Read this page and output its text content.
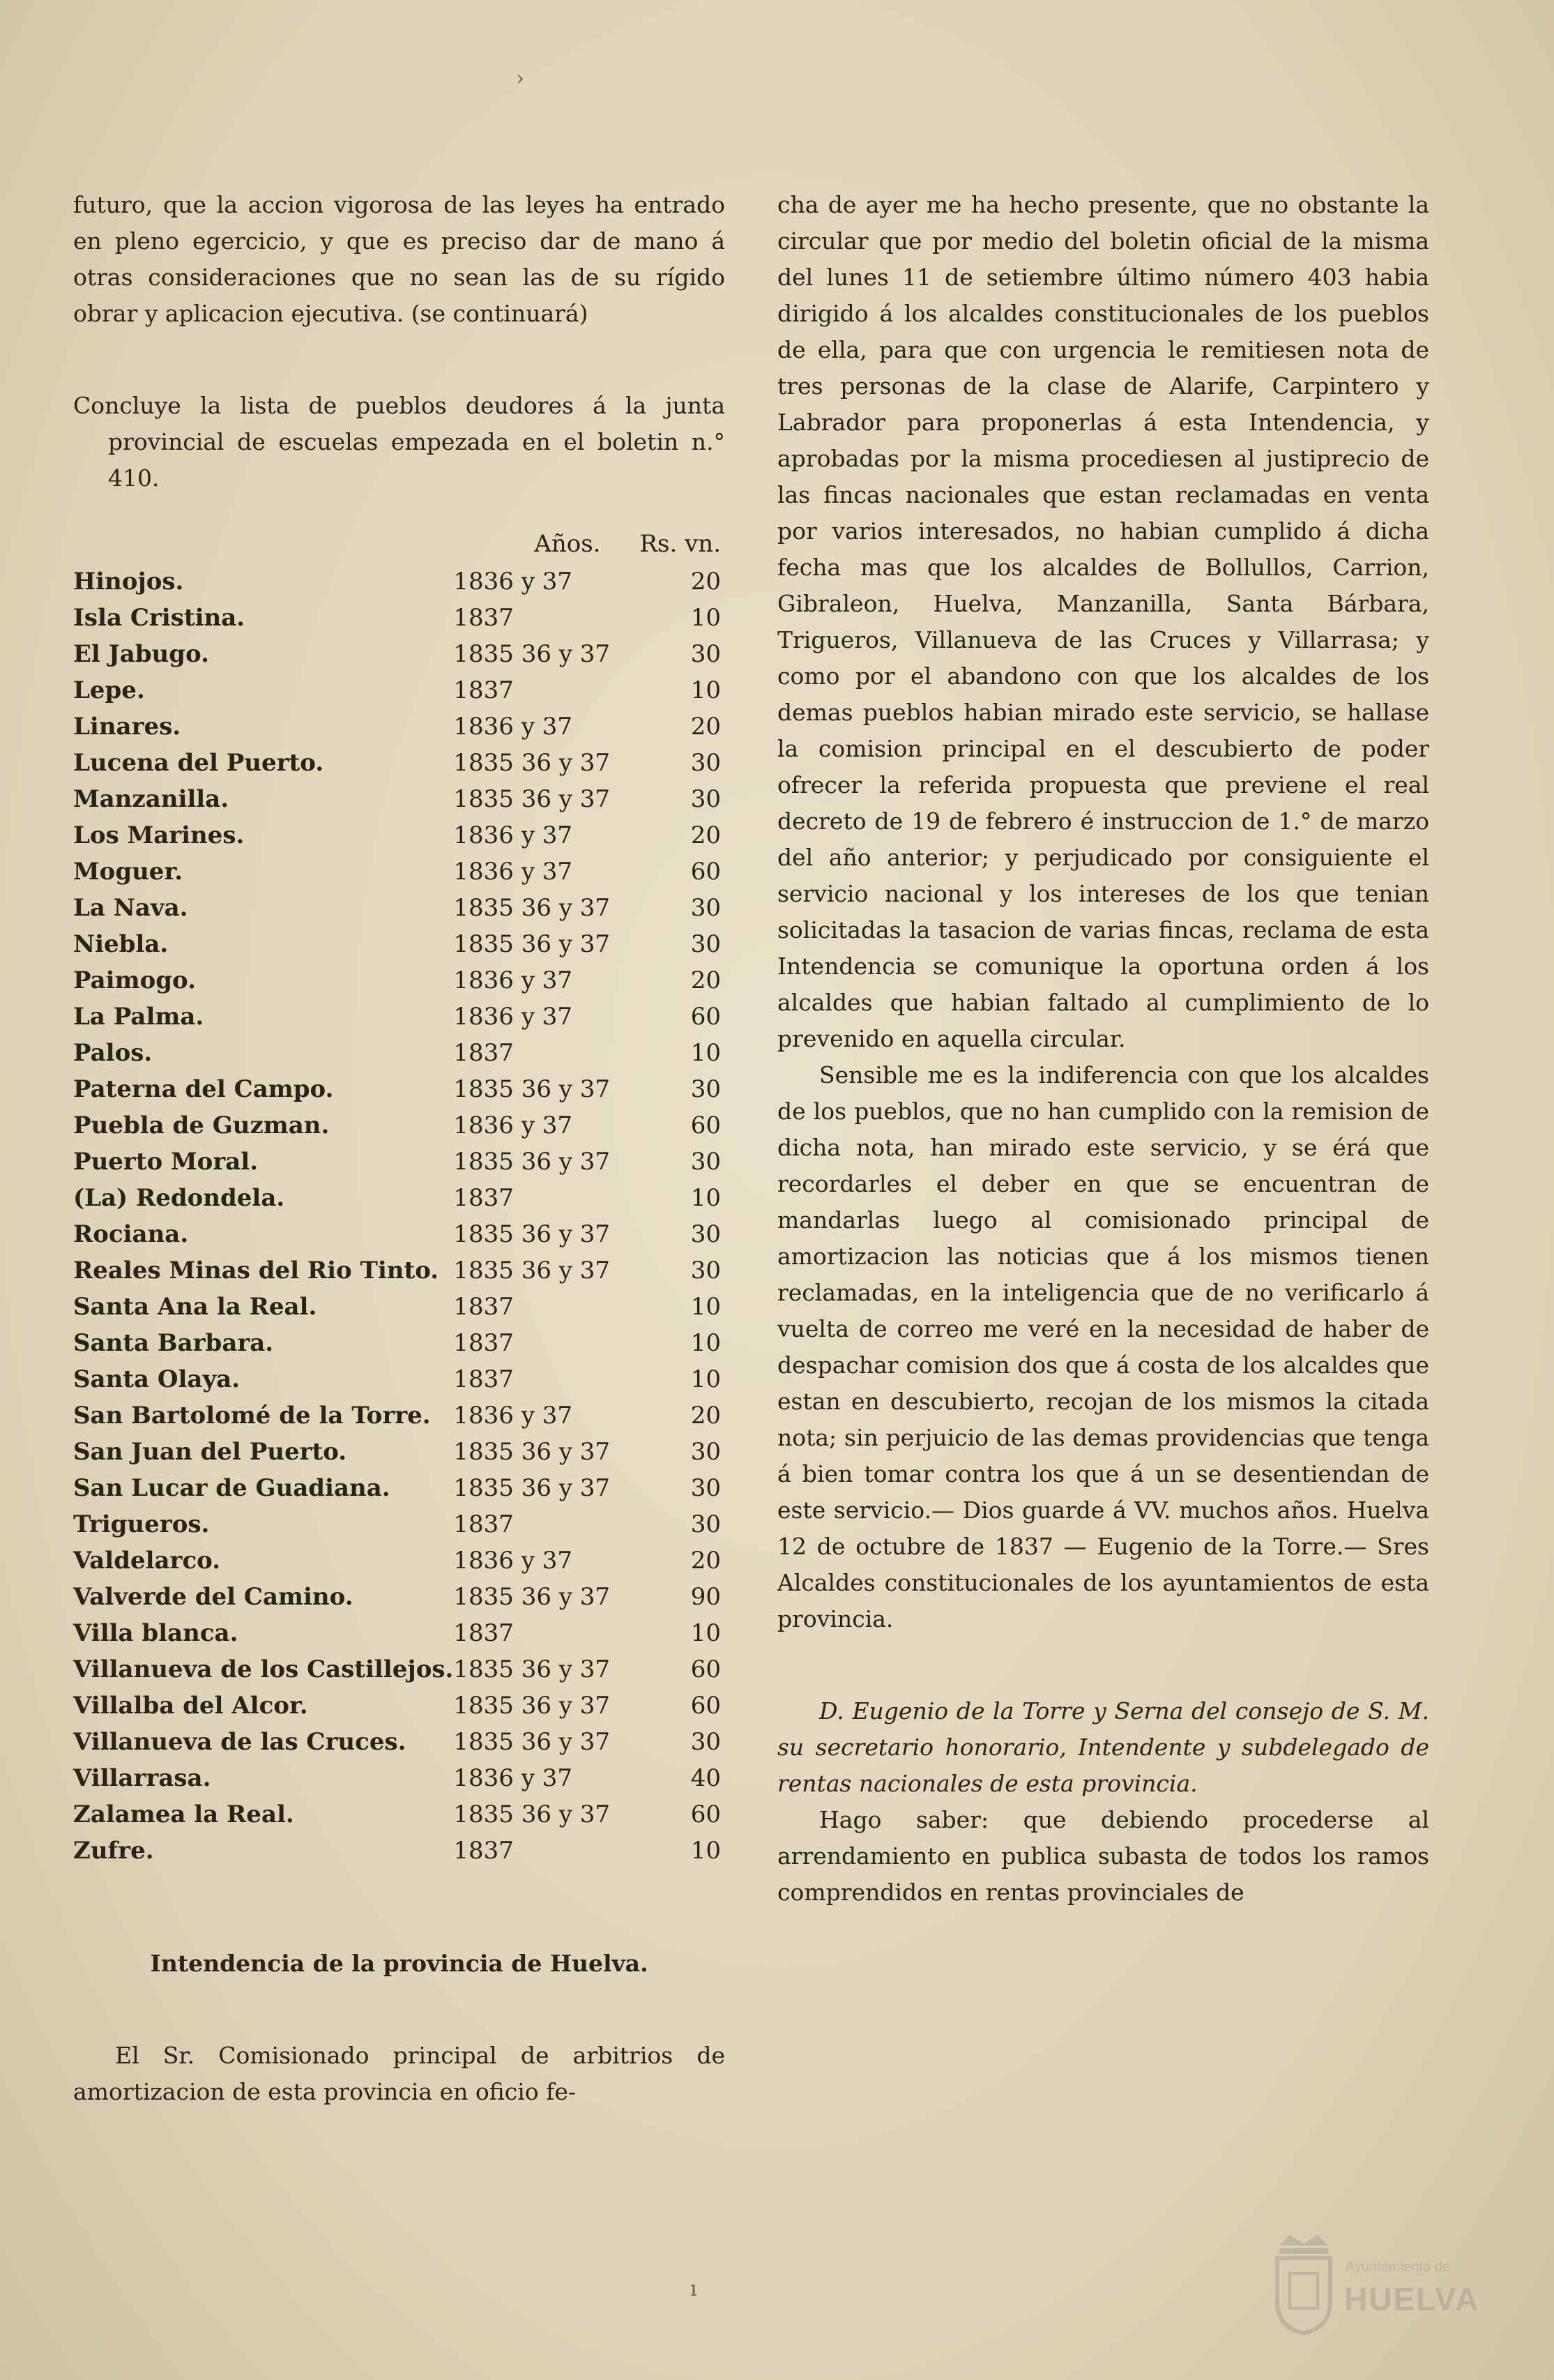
›

futuro, que la accion vigorosa de las leyes ha entrado en pleno egercicio, y que es preciso dar de mano á otras consideraciones que no sean las de su rígido obrar y aplicacion ejecutiva. (se continuará)

Concluye la lista de pueblos deudores á la junta provincial de escuelas empezada en el boletin n.° 410.

	Años.	Rs. vn.
Hinojos.	1836 y 37	20
Isla Cristina.	1837	10
El Jabugo.	1835 36 y 37	30
Lepe.	1837	10
Linares.	1836 y 37	20
Lucena del Puerto.	1835 36 y 37	30
Manzanilla.	1835 36 y 37	30
Los Marines.	1836 y 37	20
Moguer.	1836 y 37	60
La Nava.	1835 36 y 37	30
Niebla.	1835 36 y 37	30
Paimogo.	1836 y 37	20
La Palma.	1836 y 37	60
Palos.	1837	10
Paterna del Campo.	1835 36 y 37	30
Puebla de Guzman.	1836 y 37	60
Puerto Moral.	1835 36 y 37	30
(La) Redondela.	1837	10
Rociana.	1835 36 y 37	30
Reales Minas del Rio Tinto.	1835 36 y 37	30
Santa Ana la Real.	1837	10
Santa Barbara.	1837	10
Santa Olaya.	1837	10
San Bartolomé de la Torre.	1836 y 37	20
San Juan del Puerto.	1835 36 y 37	30
San Lucar de Guadiana.	1835 36 y 37	30
Trigueros.	1837	30
Valdelarco.	1836 y 37	20
Valverde del Camino.	1835 36 y 37	90
Villa blanca.	1837	10
Villanueva de los Castillejos.	1835 36 y 37	60
Villalba del Alcor.	1835 36 y 37	60
Villanueva de las Cruces.	1835 36 y 37	30
Villarrasa.	1836 y 37	40
Zalamea la Real.	1835 36 y 37	60
Zufre.	1837	10

Intendencia de la provincia de Huelva.

El Sr. Comisionado principal de arbitrios de amortizacion de esta provincia en oficio fe-

cha de ayer me ha hecho presente, que no obstante la circular que por medio del boletin oficial de la misma del lunes 11 de setiembre último número 403 habia dirigido á los alcaldes constitucionales de los pueblos de ella, para que con urgencia le remitiesen nota de tres personas de la clase de Alarife, Carpintero y Labrador para proponerlas á esta Intendencia, y aprobadas por la misma procediesen al justiprecio de las fincas nacionales que estan reclamadas en venta por varios interesados, no habian cumplido á dicha fecha mas que los alcaldes de Bollullos, Carrion, Gibraleon, Huelva, Manzanilla, Santa Bárbara, Trigueros, Villanueva de las Cruces y Villarrasa; y como por el abandono con que los alcaldes de los demas pueblos habian mirado este servicio, se hallase la comision principal en el descubierto de poder ofrecer la referida propuesta que previene el real decreto de 19 de febrero é instruccion de 1.° de marzo del año anterior; y perjudicado por consiguiente el servicio nacional y los intereses de los que tenian solicitadas la tasacion de varias fincas, reclama de esta Intendencia se comunique la oportuna orden á los alcaldes que habian faltado al cumplimiento de lo prevenido en aquella circular.

Sensible me es la indiferencia con que los alcaldes de los pueblos, que no han cumplido con la remision de dicha nota, han mirado este servicio, y se érá que recordarles el deber en que se encuentran de mandarlas luego al comisionado principal de amortizacion las noticias que á los mismos tienen reclamadas, en la inteligencia que de no verificarlo á vuelta de correo me veré en la necesidad de haber de despachar comision dos que á costa de los alcaldes que estan en descubierto, recojan de los mismos la citada nota; sin perjuicio de las demas providencias que tenga á bien tomar contra los que á un se desentiendan de este servicio.— Dios guarde á VV. muchos años. Huelva 12 de octubre de 1837 — Eugenio de la Torre.— Sres Alcaldes constitucionales de los ayuntamientos de esta provincia.

D. Eugenio de la Torre y Serna del consejo de S. M. su secretario honorario, Intendente y subdelegado de rentas nacionales de esta provincia.

Hago saber: que debiendo procederse al arrendamiento en publica subasta de todos los ramos comprendidos en rentas provinciales de

ı
Ayuntamiento de
HUELVA
